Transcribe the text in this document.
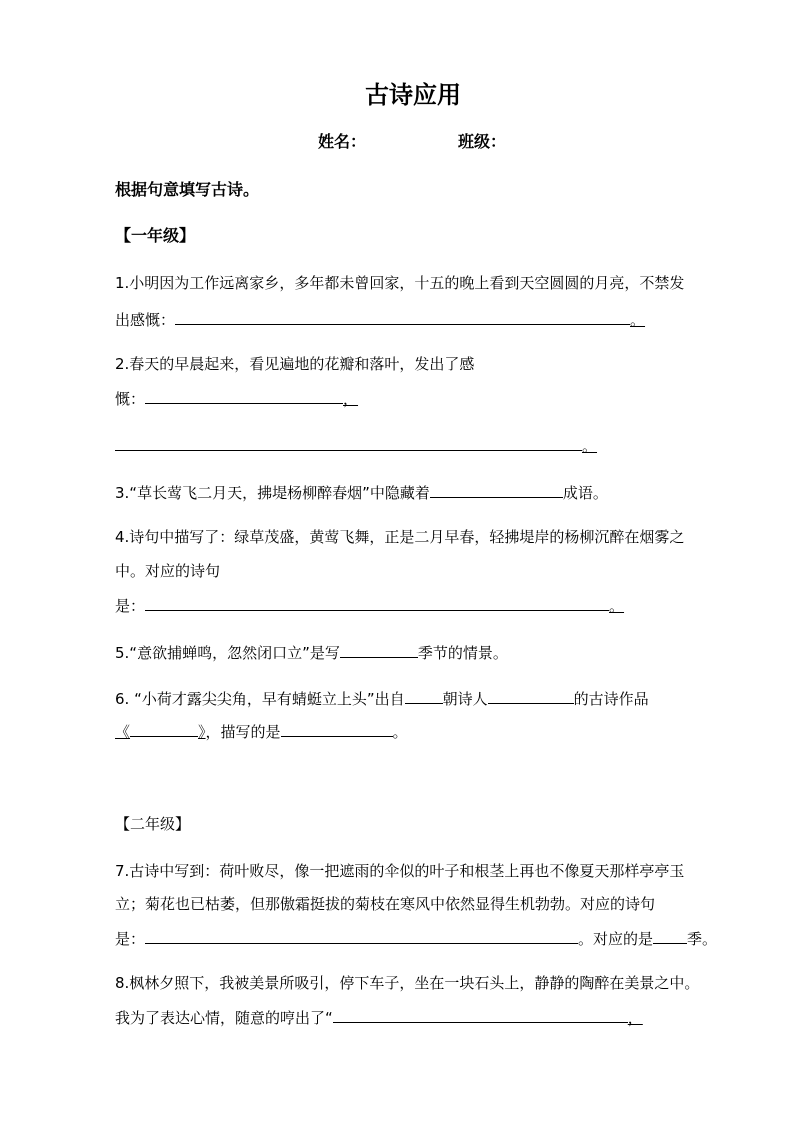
古诗应用
姓名：	班级：
根据句意填写古诗。
【一年级】
1.小明因为工作远离家乡，多年都未曾回家，十五的晚上看到天空圆圆的月亮，不禁发
出感慨：	。
2.春天的早晨起来，看见遍地的花瓣和落叶，发出了感
慨：	，
。
3.“草长莺飞二月天，拂堤杨柳醉春烟”中隐藏着	成语。
4.诗句中描写了：绿草茂盛，黄莺飞舞，正是二月早春，轻拂堤岸的杨柳沉醉在烟雾之
中。对应的诗句
是：	。
5.“意欲捕蝉鸣，忽然闭口立”是写	季节的情景。
6. “小荷才露尖尖角，早有蜻蜓立上头”出自	朝诗人	的古诗作品
《	》，描写的是	。
【二年级】
7.古诗中写到：荷叶败尽，像一把遮雨的伞似的叶子和根茎上再也不像夏天那样亭亭玉
立；菊花也已枯萎，但那傲霜挺拔的菊枝在寒风中依然显得生机勃勃。对应的诗句
是：	。对应的是 季。
8.枫林夕照下，我被美景所吸引，停下车子，坐在一块石头上，静静的陶醉在美景之中。
我为了表达心情，随意的哼出了“	，
